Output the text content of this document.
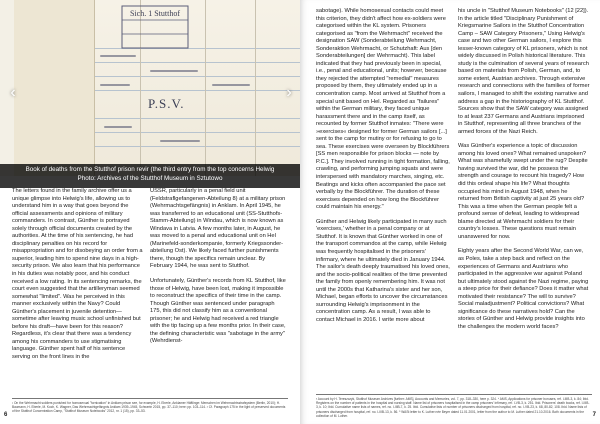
Sich. 1 Stutthof
P.S.V.
‹	›
Book of deaths from the Stutthof prison revir (the third entry from the top concerns Helwig
Photo: Archives of the Stutthof Museum in Sztutowo

The letters found in the family archive offer us a unique glimpse into Helwig's life, allowing us to understand him in a way that goes beyond the official assessments and opinions of military commanders. In contrast, Günther is portrayed solely through official documents created by the authorities. At the time of his sentencing, he had disciplinary penalties on his record for misappropriation and for disobeying an order from a superior, leading him to spend nine days in a high-security prison. We also learn that his performance in his duties was notably poor, and his conduct received a low rating. In its sentencing remarks, the court even suggested that the artilleryman seemed somewhat "limited". Was he perceived in this manner exclusively within the Navy? Could Günther's placement in juvenile detention—sometime after leaving music school unfinished but before his draft—have been for this reason? Regardless, it's clear that there was a tendency among his commanders to use stigmatising language. Günther spent half of his sentence serving on the front lines in the

USSR, particularly in a penal field unit (Feldstraflgefangenen-Abteilung 8) at a military prison (Wehrmachtsgefängnis) in Anklam. In April 1945, he was transferred to an educational unit (SS-Stutthofs-Stamm-Abteilung) in Windau, which is now known as Windava in Latvia. A few months later, in August, he was moved to a penal and educational unit on Hel (Marinefeld-sonderkompanie, formerly Kriegssonder-abteilung Ost). We likely faced further punishments there, though the specifics remain unclear. By February 1944, he was sent to Stutthof.

Unfortunately, Günther's records from KL Stutthof, like those of Helwig, have been lost, making it impossible to reconstruct the specifics of their time in the camp. Though Günther was sentenced under paragraph 175, this did not classify him as a conventional prisoner; he and Helwig had received a red triangle with the tip facing up a few months prior. In their case, the defining characteristic was "sabotage in the army" (Wehrdienst-

¹ On the Wehrmacht soldiers punished for homosexual "fornication" in Anklam prison see, for example, H. Eberle, Anklamer Häftlinge: Menschen im Wehrmachtsstrafsystem (Berlin, 2010); H. Baumann, H. Eberle, M. Koch, K. Wagner, Das Wehrmachtgefängnis Anklam 1939–1945, Schwerin 2015, pp. 37–110; here: pp. 103–114. ² Cf. Paragraph 175 in the light of preserved documents of the Stutthof Concentration Camp, "Stutthof Museum Notebooks" 2012, nr. 1 (15), pp. 33–53.
6

sabotage). While homosexual contacts could meet this criterion, they didn't affect how ex-soldiers were categorised within the KL system. Prisoners categorised as "from the Wehrmacht" received the designation SAW (Sonderabteilung Wehrmacht, Sonderaktion Wehrmacht, or Schutzhaft: Aus [den Sonderabteilungen] der Wehrmacht). This label indicated that they had previously been in special, i.e., penal and educational, units; however, because they rejected the attempted "remedial" measures proposed by them, they ultimately ended up in a concentration camp. Most arrived at Stutthof from a special unit based on Hel. Regarded as "failures" within the German military, they faced unique harassment there and in the camp itself, as recounted by former Stutthof inmates: "There were »exercises« designed for former German sailors [...] sent to the camp for mutiny or for refusing to go to sea. These exercises were overseen by Blockführers [SS men responsible for prison blocks — note by P.C.]. They involved running in tight formation, falling, crawling, and performing jumping squats and were interspersed with mandatory marches, singing, etc. Beatings and kicks often accompanied the pace set verbally by the Blockführer. The duration of these exercises depended on how long the Blockführer could maintain his energy."

Günther and Helwig likely participated in many such 'exercises,' whether in a penal company or at Stutthof. It is known that Günther worked in one of the transport commandos at the camp, while Helwig was frequently hospitalised in the prisoners' infirmary, where he ultimately died in January 1944. The sailor's death deeply traumatised his loved ones, and the socio-political realities of the time prevented the family from openly remembering him. It was not until the 2000s that Katharina's sister and her son, Michael, began efforts to uncover the circumstances surrounding Helwig's imprisonment in the concentration camp. As a result, I was able to contact Michael in 2016. I write more about

his uncle in "Stutthof Museum Notebooks" (12 [22]). In the article titled "Disciplinary Punishment of Kriegsmarine Sailors in the Stutthof Concentration Camp – SAW Category Prisoners," Using Helwig's case and two other German sailors, I explore this lesser-known category of KL prisoners, which is not widely discussed in Polish historical literature. This study is the culmination of several years of research based on materials from Polish, German, and, to some extent, Austrian archives. Through extensive research and connections with the families of former sailors, I managed to shift the existing narrative and address a gap in the historiography of KL Stutthof. Sources show that the SAW category was assigned to at least 237 Germans and Austrians imprisoned in Stutthof, representing all three branches of the armed forces of the Nazi Reich.

Was Günther's experience a topic of discussion among his loved ones? What remained unspoken? What was shamefully swept under the rug? Despite having survived the war, did he possess the strength and courage to recount his tragedy? How did this ordeal shape his life? What thoughts occupied his mind in August 1948, when he returned from British captivity at just 25 years old? This was a time when the German people felt a profound sense of defeat, leading to widespread blame directed at Wehrmacht soldiers for their country's losses. These questions must remain unanswered for now.

Eighty years after the Second World War, can we, as Poles, take a step back and reflect on the experiences of Germans and Austrians who participated in the aggressive war against Poland but ultimately stood against the Nazi regime, paying a steep price for their defiance? Does it matter what motivated their resistance? The will to survive? Social maladjustment? Political convictions? What significance do these narratives hold? Can the stories of Günther and Helwig provide insights into the challenges the modern world faces?

³ Account by H. Tereszczyk, Stutthof Museum Archives [further: AMS], Accounts and Memories, vol. 7, pp. 318–330, here p. 324. ⁴ AMS, Applications for prisoner bonuses, ref. I-IIIB-3, k. 84; Ibid. Registers on the number of patients in the hospital and nursing staff. Name list of prisoners hospitalised in the camp prisoners' infirmary, ref. I-VB-3, k. 251. Ibid. Prisoners' death books, ref. I-IIIB-3, k. 10; Ibid. Cumulative name lists of names, ref. no. I-IIIB-7, k. 25. Ibid. Cumulative lists of number of prisoners discharged from hospital, ref. no. I-VB-23, k. 68, 80-82, 108. Ibid. Name lists of prisoners discharged from hospital, ref. no. I-IIIB-13, k. 56. ⁵ WASt letter to K. Luther née Beyer dated 11.01.2001, letter from the author to M. Luther dated 21.10.2016. Both documents in the collection of M. Luther.	7
